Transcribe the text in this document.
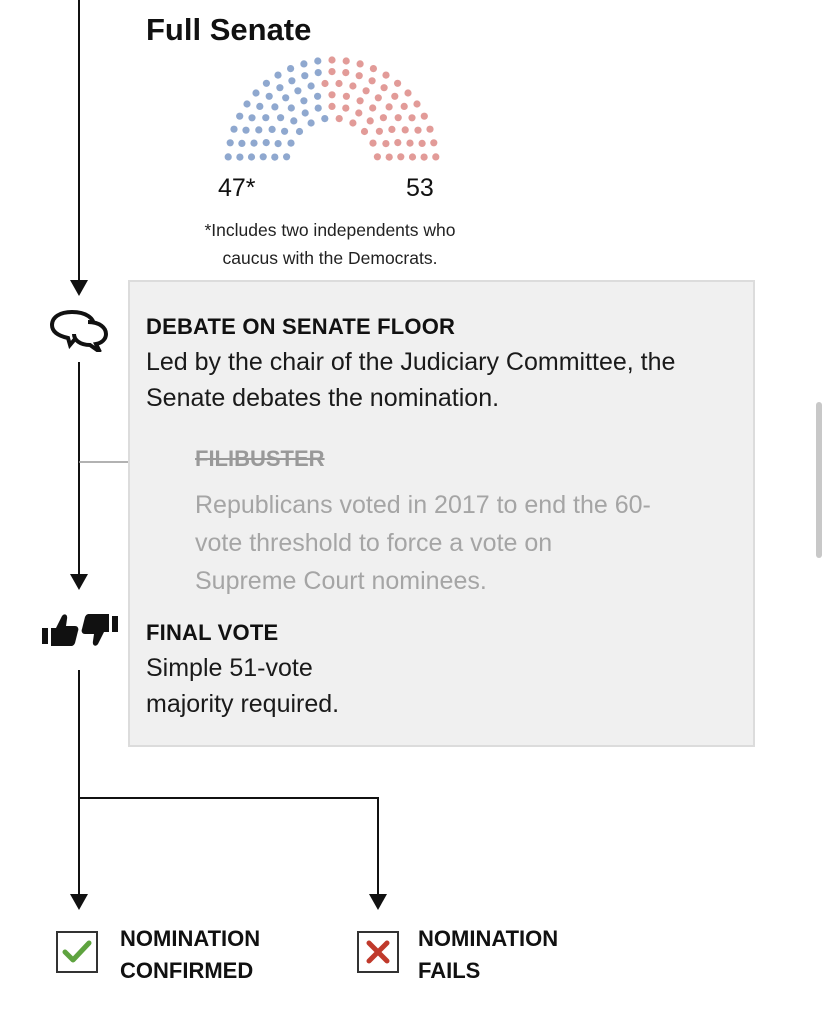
Full Senate
47*	53
*Includes two independents who
caucus with the Democrats.
DEBATE ON SENATE FLOOR
Led by the chair of the Judiciary Committee, the
Senate debates the nomination.
FILIBUSTER
Republicans voted in 2017 to end the 60-
vote threshold to force a vote on
Supreme Court nominees.
FINAL VOTE
Simple 51-vote
majority required.
NOMINATION
CONFIRMED
NOMINATION
FAILS
